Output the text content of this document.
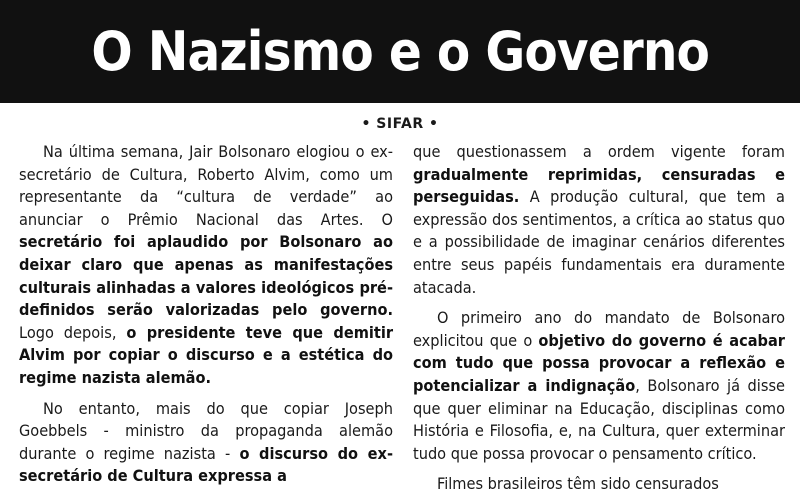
O Nazismo e o Governo
• SIFAR •

Na última semana, Jair Bolsonaro elogiou o ex-secretário de Cultura, Roberto Alvim, como um representante da “cultura de verdade” ao anunciar o Prêmio Nacional das Artes. O secretário foi aplaudido por Bolsonaro ao deixar claro que apenas as manifestações culturais alinhadas a valores ideológicos pré-definidos serão valorizadas pelo governo. Logo depois, o presidente teve que demitir Alvim por copiar o discurso e a estética do regime nazista alemão.

No entanto, mais do que copiar Joseph Goebbels - ministro da propaganda alemão durante o regime nazista - o discurso do ex-secretário de Cultura expressa a

que questionassem a ordem vigente foram gradualmente reprimidas, censuradas e perseguidas. A produção cultural, que tem a expressão dos sentimentos, a crítica ao status quo e a possibilidade de imaginar cenários diferentes entre seus papéis fundamentais era duramente atacada.

O primeiro ano do mandato de Bolsonaro explicitou que o objetivo do governo é acabar com tudo que possa provocar a reflexão e potencializar a indignação, Bolsonaro já disse que quer eliminar na Educação, disciplinas como História e Filosofia, e, na Cultura, quer exterminar tudo que possa provocar o pensamento crítico.

Filmes brasileiros têm sido censurados
